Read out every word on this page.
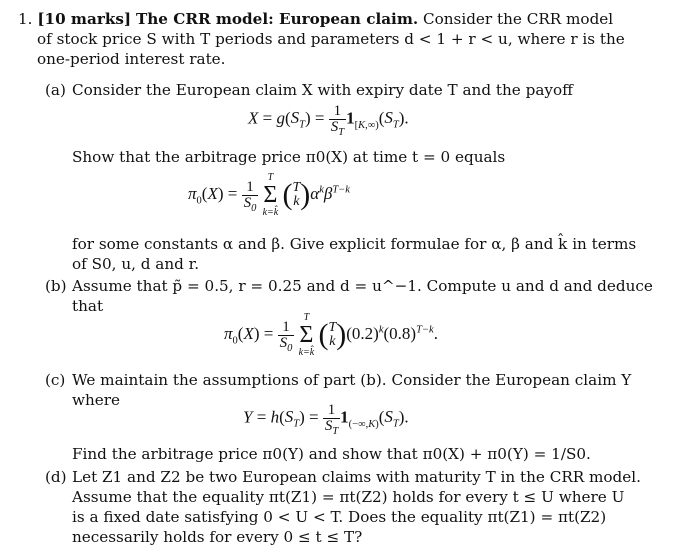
1. [10 marks] The CRR model: European claim. Consider the CRR model
of stock price S with T periods and parameters d < 1 + r < u, where r is the
one-period interest rate.
(a) Consider the European claim X with expiry date T and the payoff
$X = g(S_T) = \frac{1}{S_T} 1_{[K,\infty)}(S_T)$.
Show that the arbitrage price π0(X) at time t = 0 equals
$\pi_0(X) = \frac{1}{S_0}$

T
Σ
k=k̂
( T
k )$\alpha^k\beta^{T-k}$
for some constants α and β. Give explicit formulae for α, β and k̂ in terms
of S0, u, d and r.
(b) Assume that p̃ = 0.5, r = 0.25 and d = u^−1. Compute u and d and deduce
that
$\pi_0(X) = \frac{1}{S_0}$

T
Σ
k=k̂
( T
k )$(0.2)^k(0.8)^{T-k}$.
(c) We maintain the assumptions of part (b). Consider the European claim Y
where
$Y = h(S_T) = \frac{1}{S_T} 1_{(-\infty,K)}(S_T)$.
Find the arbitrage price π0(Y) and show that π0(X) + π0(Y) = 1/S0.
(d) Let Z1 and Z2 be two European claims with maturity T in the CRR model.
Assume that the equality πt(Z1) = πt(Z2) holds for every t ≤ U where U
is a fixed date satisfying 0 < U < T. Does the equality πt(Z1) = πt(Z2)
necessarily holds for every 0 ≤ t ≤ T?
